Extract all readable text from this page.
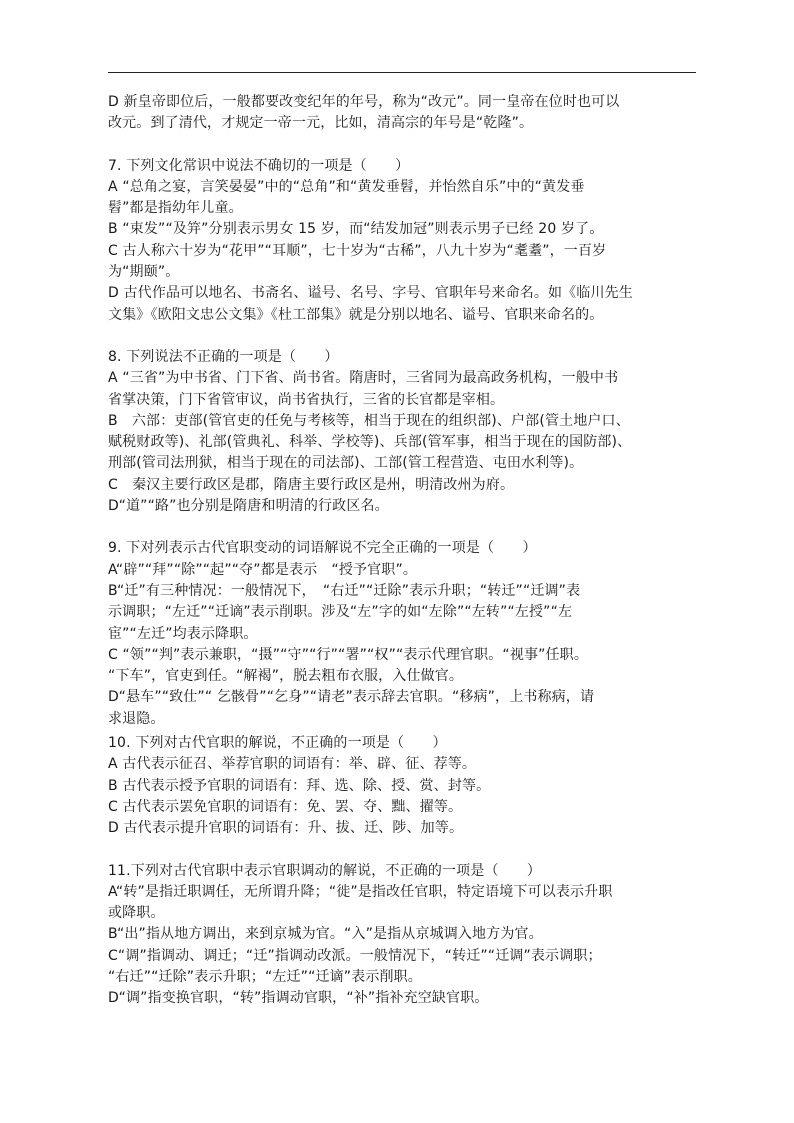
D 新皇帝即位后，一般都要改变纪年的年号，称为“改元”。同一皇帝在位时也可以
改元。到了清代，才规定一帝一元，比如，清高宗的年号是“乾隆”。
7. 下列文化常识中说法不确切的一项是（　　）
A “总角之宴，言笑晏晏”中的“总角”和“黄发垂髫，并怡然自乐”中的“黄发垂
髫”都是指幼年儿童。
B “束发”“及笄”分别表示男女 15 岁，而“结发加冠”则表示男子已经 20 岁了。
C 古人称六十岁为“花甲”“耳顺”，七十岁为“古稀”，八九十岁为“耄耋”，一百岁
为“期颐”。
D 古代作品可以地名、书斋名、谥号、名号、字号、官职年号来命名。如《临川先生
文集》《欧阳文忠公文集》《杜工部集》就是分别以地名、谥号、官职来命名的。
8. 下列说法不正确的一项是（　　）
A “三省”为中书省、门下省、尚书省。隋唐时，三省同为最高政务机构，一般中书
省掌决策，门下省管审议，尚书省执行，三省的长官都是宰相。
B　六部：吏部(管官吏的任免与考核等，相当于现在的组织部)、户部(管土地户口、
赋税财政等)、礼部(管典礼、科举、学校等)、兵部(管军事，相当于现在的国防部)、
刑部(管司法刑狱，相当于现在的司法部)、工部(管工程营造、屯田水利等)。
C　秦汉主要行政区是郡，隋唐主要行政区是州，明清改州为府。
D“道”“路”也分别是隋唐和明清的行政区名。
9. 下对列表示古代官职变动的词语解说不完全正确的一项是（　　）
A“辟”“拜”“除”“起”“夺”都是表示　“授予官职”。
B“迁”有三种情况：一般情况下，　“右迁”“迁除”表示升职；“转迁”“迁调”表
示调职；“左迁”“迁谪”表示削职。涉及“左”字的如“左除”“左转”“左授”“左
宦”“左迁”均表示降职。
C “领”“判”表示兼职，“摄”“守”“行”“署”“权”“表示代理官职。“视事”任职。
“下车”，官吏到任。“解褐”，脱去粗布衣服，入仕做官。
D“悬车”“致仕”“ 乞骸骨”“乞身”“请老”表示辞去官职。“移病”，上书称病，请
求退隐。
10. 下列对古代官职的解说，不正确的一项是（　　）
A 古代表示征召、举荐官职的词语有：举、辟、征、荐等。
B 古代表示授予官职的词语有：拜、选、除、授、赏、封等。
C 古代表示罢免官职的词语有：免、罢、夺、黜、擢等。
D 古代表示提升官职的词语有：升、拔、迁、陟、加等。
11.下列对古代官职中表示官职调动的解说，不正确的一项是（　　）
A“转”是指迁职调任，无所谓升降；“徙”是指改任官职，特定语境下可以表示升职
或降职。
B“出”指从地方调出，来到京城为官。“入”是指从京城调入地方为官。
C“调”指调动、调迁；“迁”指调动改派。一般情况下，“转迁”“迁调”表示调职；
“右迁”“迁除”表示升职；“左迁”“迁谪”表示削职。
D“调”指变换官职，“转”指调动官职，“补”指补充空缺官职。
